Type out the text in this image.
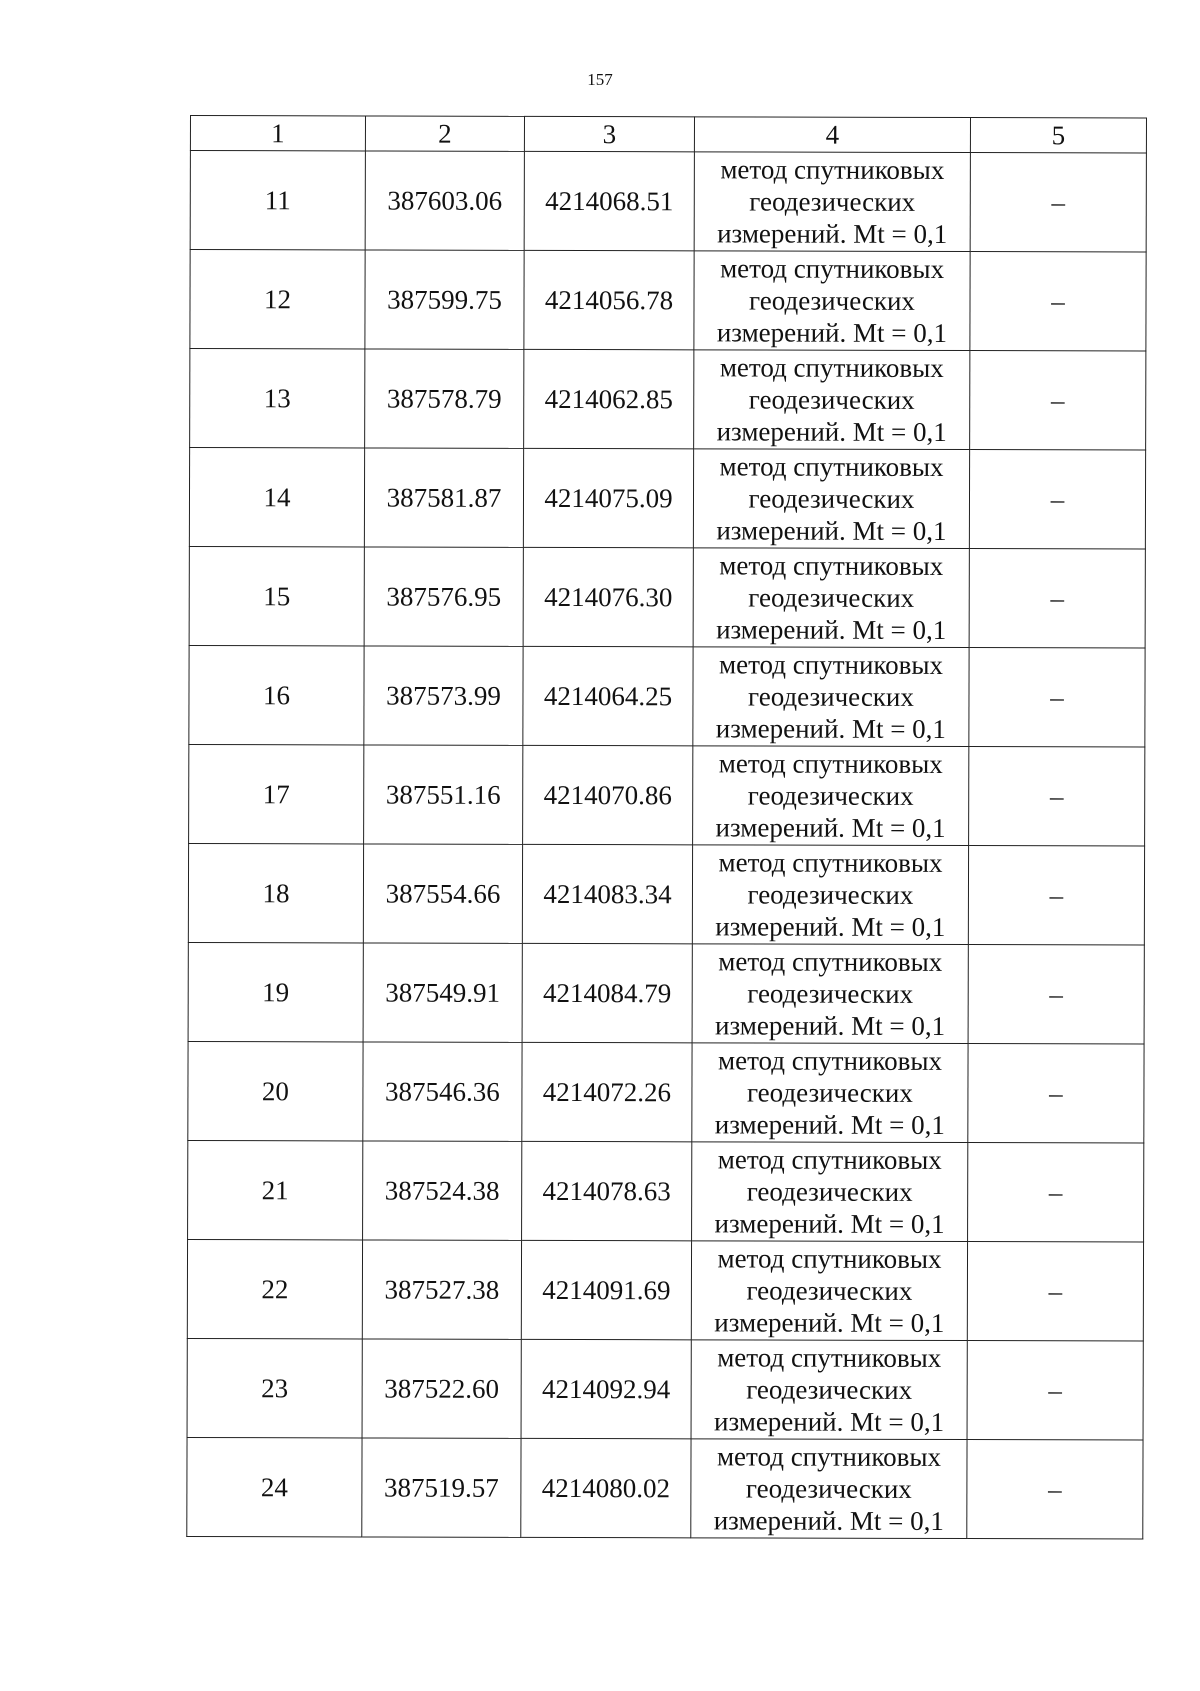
157
1	2	3	4	5
11	387603.06	4214068.51	метод спутниковых
геодезических
измерений. Mt = 0,1	–
12	387599.75	4214056.78	метод спутниковых
геодезических
измерений. Mt = 0,1	–
13	387578.79	4214062.85	метод спутниковых
геодезических
измерений. Mt = 0,1	–
14	387581.87	4214075.09	метод спутниковых
геодезических
измерений. Mt = 0,1	–
15	387576.95	4214076.30	метод спутниковых
геодезических
измерений. Mt = 0,1	–
16	387573.99	4214064.25	метод спутниковых
геодезических
измерений. Mt = 0,1	–
17	387551.16	4214070.86	метод спутниковых
геодезических
измерений. Mt = 0,1	–
18	387554.66	4214083.34	метод спутниковых
геодезических
измерений. Mt = 0,1	–
19	387549.91	4214084.79	метод спутниковых
геодезических
измерений. Mt = 0,1	–
20	387546.36	4214072.26	метод спутниковых
геодезических
измерений. Mt = 0,1	–
21	387524.38	4214078.63	метод спутниковых
геодезических
измерений. Mt = 0,1	–
22	387527.38	4214091.69	метод спутниковых
геодезических
измерений. Mt = 0,1	–
23	387522.60	4214092.94	метод спутниковых
геодезических
измерений. Mt = 0,1	–
24	387519.57	4214080.02	метод спутниковых
геодезических
измерений. Mt = 0,1	–
